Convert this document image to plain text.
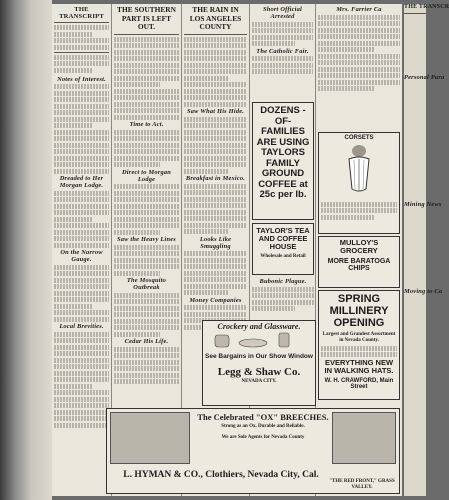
THE TRANSCRIPT
Notes of Interest.
Dreaded to Her Morgan Lodge.
On the Narrow Gauge.
Local Brevities.
THE SOUTHERN PART IS LEFT OUT.
Time to Act.
Direct to Morgan Lodge
Saw the Heavy Lines
The Mosquito Outbreak
Cedar His Life.
THE RAIN IN
LOS ANGELES COUNTY
Saw What His Hide.
Breakfast in Mexico.
Looks Like Smuggling
Money Companies
Short Official Arrested
The Catholic Fair.
Mrs. Farrier Ca
DOZENS -OF- FAMILIES ARE USING TAYLORS FAMILY GROUND COFFEE at 25c per lb.
TAYLOR'S TEA AND COFFEE HOUSE
Wholesale and Retail
Bubonic Plague.
CORSETS
MULLOY'S GROCERY
MORE BARATOGA CHIPS
SPRING MILLINERY OPENING
Largest and Grandest Assortment in Nevada County.
EVERYTHING NEW IN WALKING HATS.
W. H. CRAWFORD, Main Street
Crockery and Glassware.
See Bargains in Our Show Window
Legg & Shaw Co.
NEVADA CITY.
The Celebrated "OX" BREECHES.
Strong as an Ox. Durable and Reliable.
We are Sole Agents for Nevada County
L. HYMAN & CO., Clothiers, Nevada City, Cal.
"THE RED FRONT," GRASS VALLEY.
THE TRANSCR
Personal Para
Mining News
Moving to Ca
